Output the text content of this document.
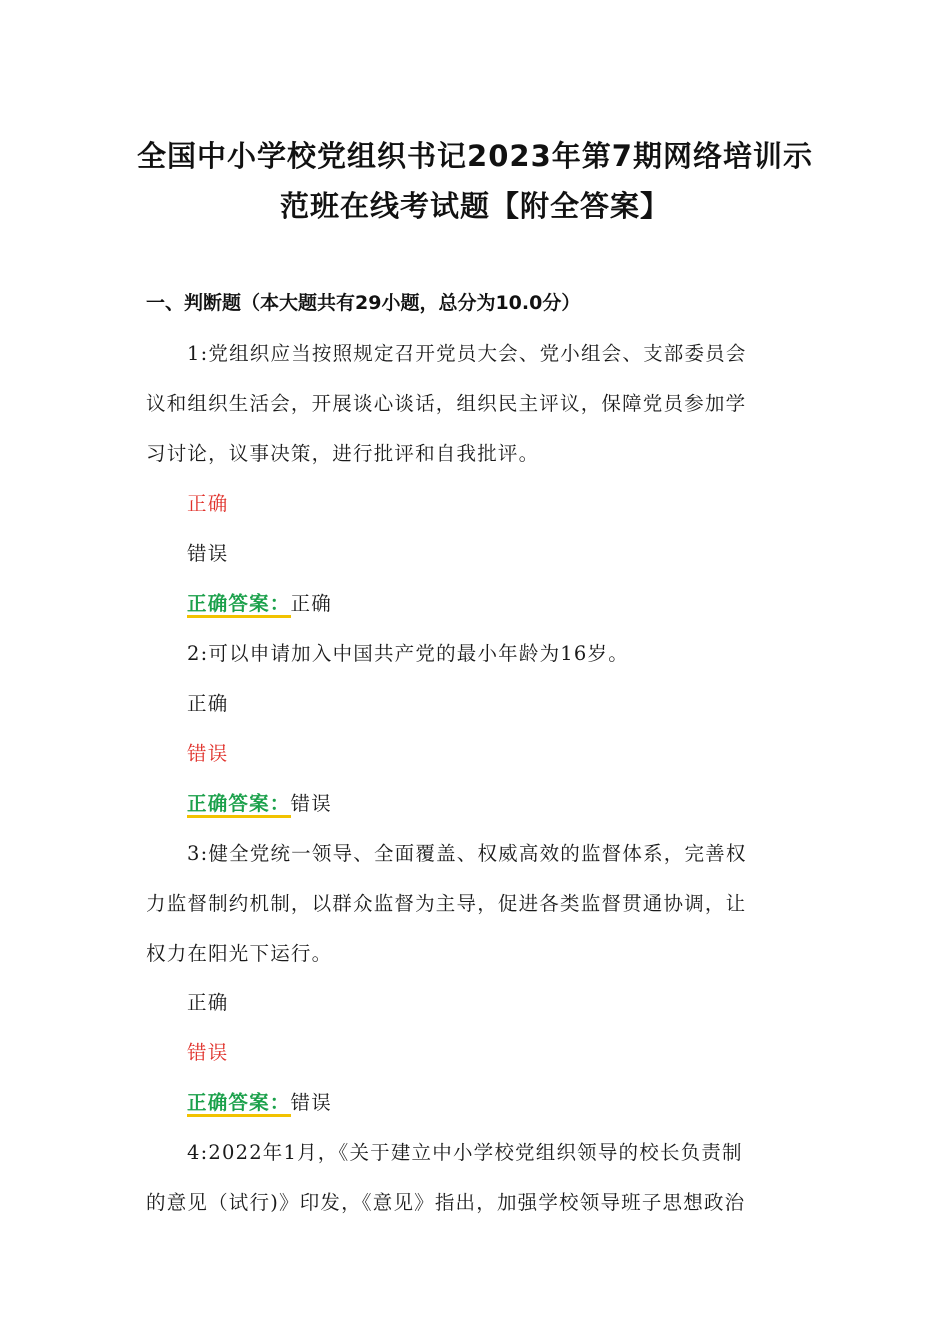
全国中小学校党组织书记2023年第7期网络培训示
范班在线考试题【附全答案】
一、判断题（本大题共有29小题，总分为10.0分）
1:党组织应当按照规定召开党员大会、党小组会、支部委员会
议和组织生活会，开展谈心谈话，组织民主评议，保障党员参加学
习讨论，议事决策，进行批评和自我批评。
正确
错误
正确答案：正确
2:可以申请加入中国共产党的最小年龄为16岁。
正确
错误
正确答案：错误
3:健全党统一领导、全面覆盖、权威高效的监督体系，完善权
力监督制约机制，以群众监督为主导，促进各类监督贯通协调，让
权力在阳光下运行。
正确
错误
正确答案：错误
4:2022年1月，《关于建立中小学校党组织领导的校长负责制
的意见（试行)》印发，《意见》指出，加强学校领导班子思想政治
